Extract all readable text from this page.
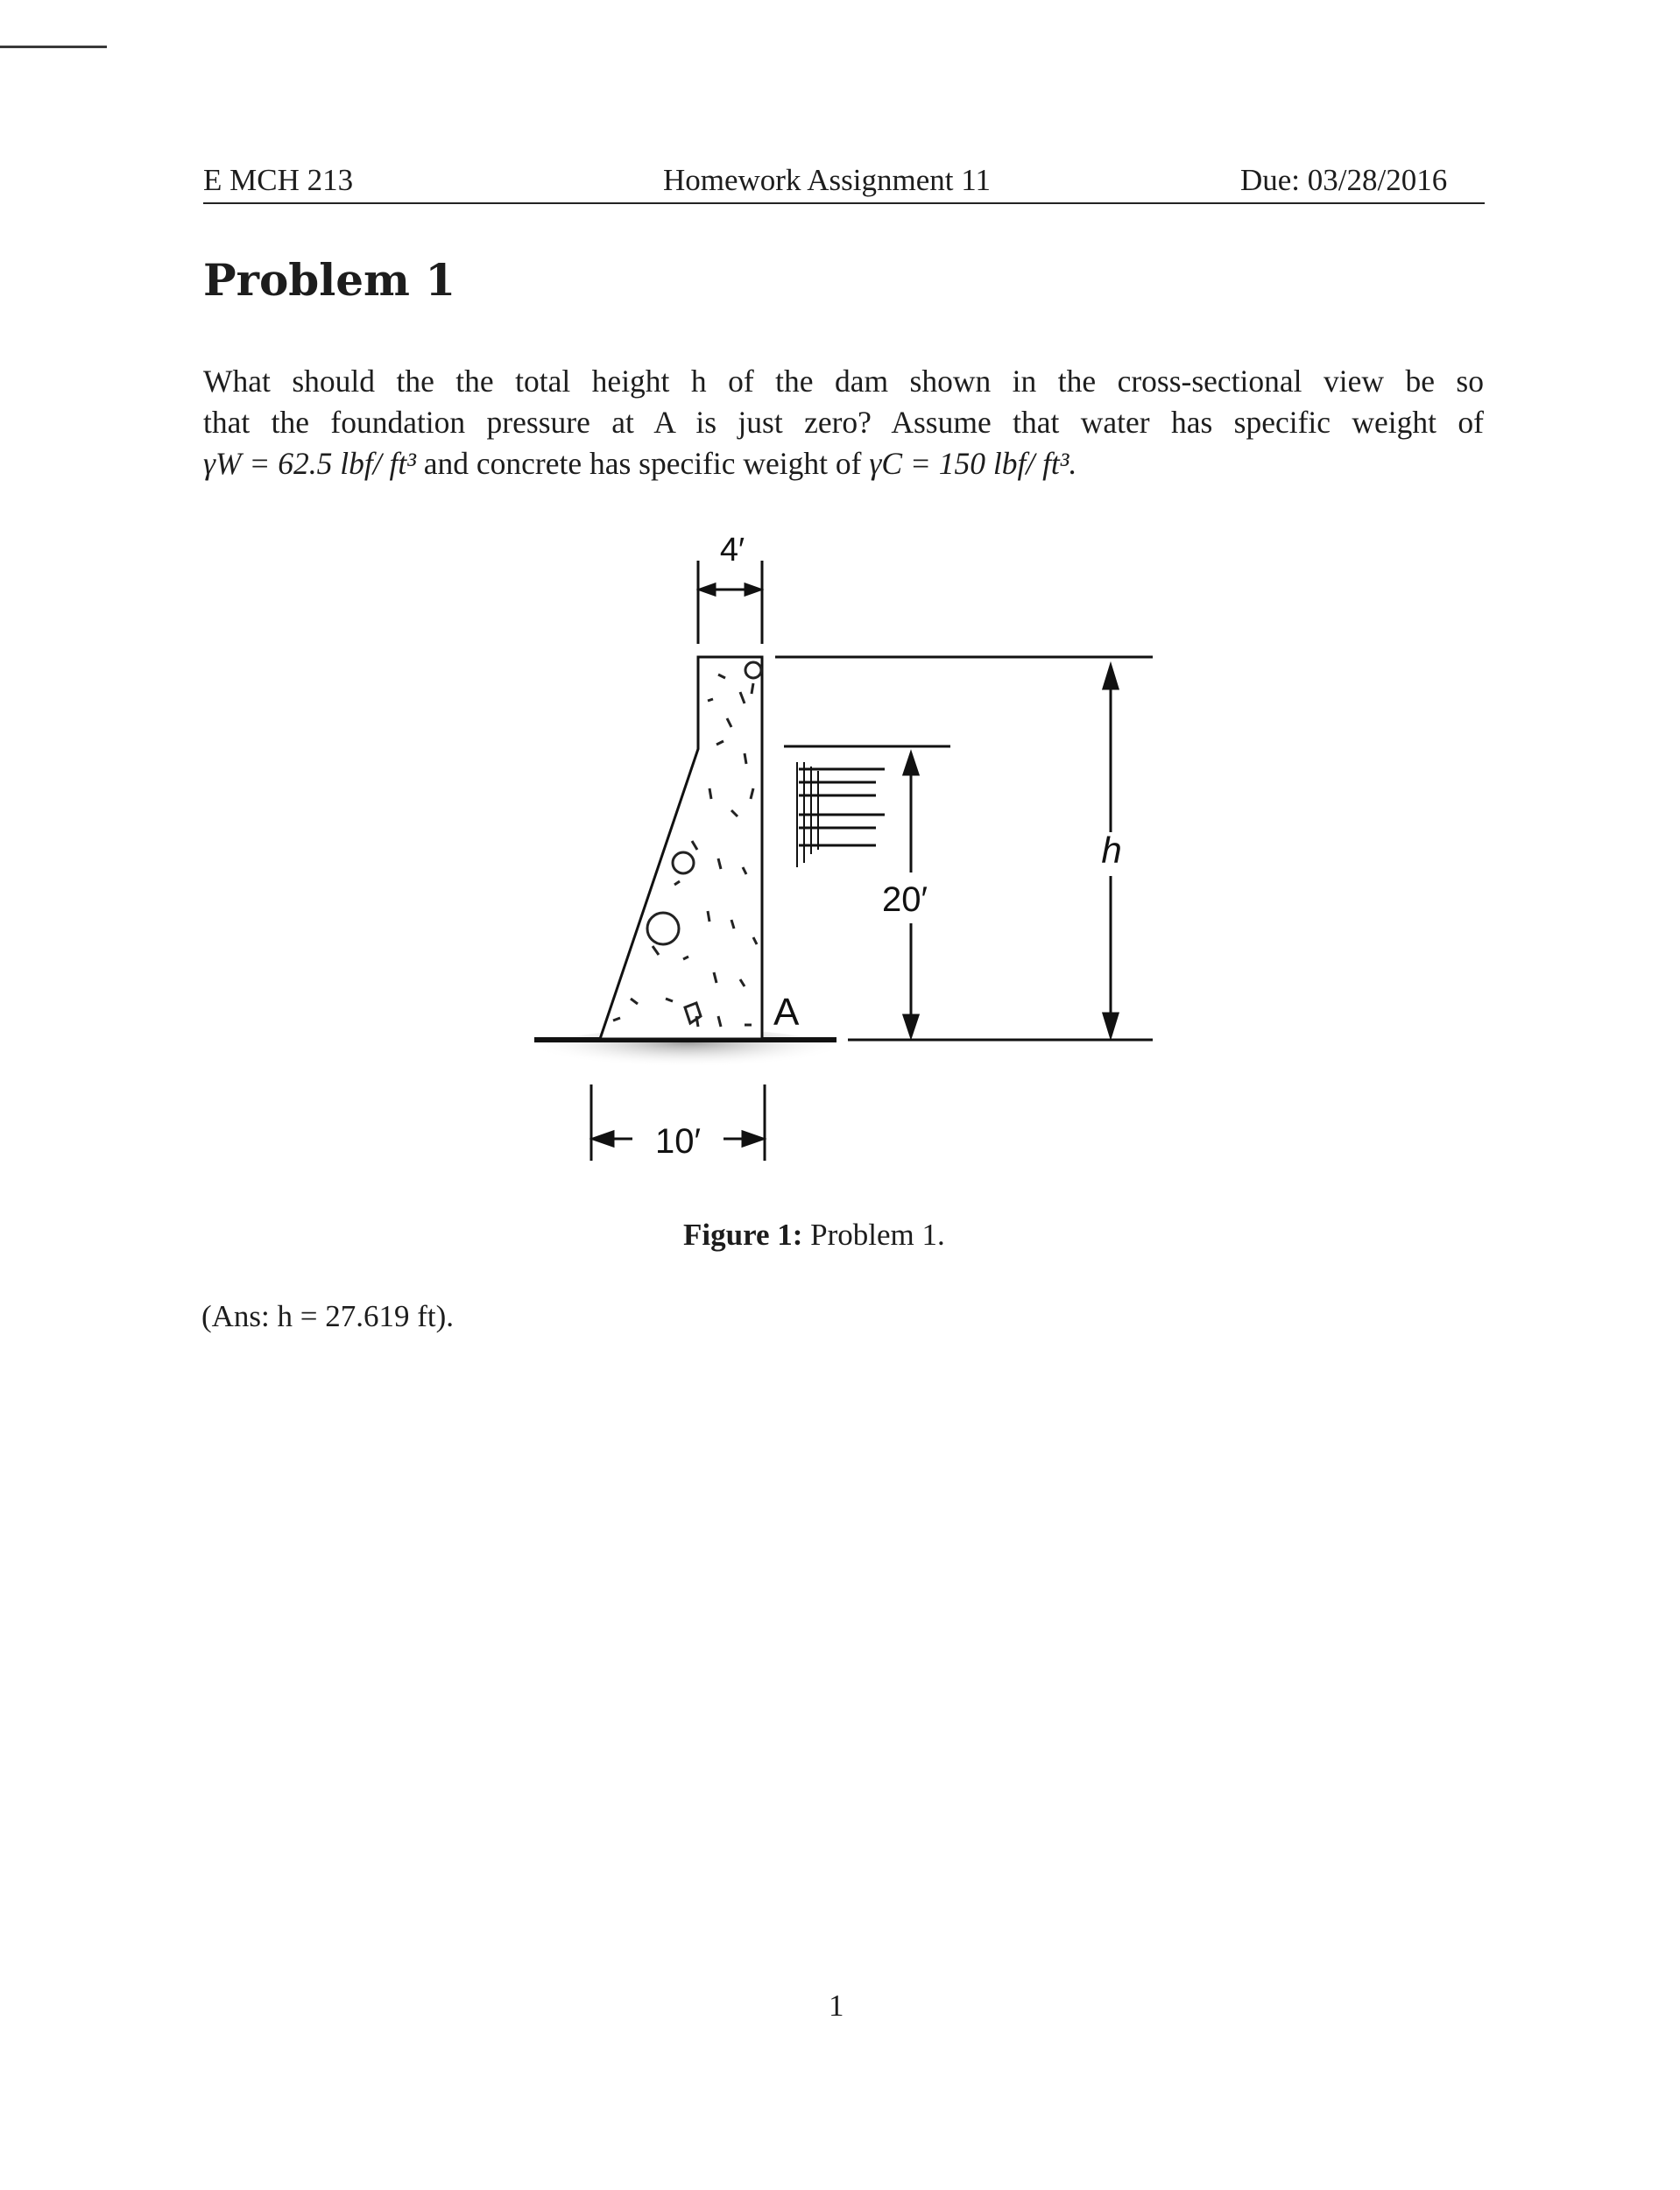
E MCH 213	Homework Assignment 11	Due: 03/28/2016
Problem 1
What should the the total height h of the dam shown in the cross-sectional view be so
that the foundation pressure at A is just zero? Assume that water has specific weight of
γW = 62.5 lbf/ ft³ and concrete has specific weight of γC = 150 lbf/ ft³.
20′
h
4′
A
10′
Figure 1: Problem 1.
(Ans: h = 27.619 ft).
1
